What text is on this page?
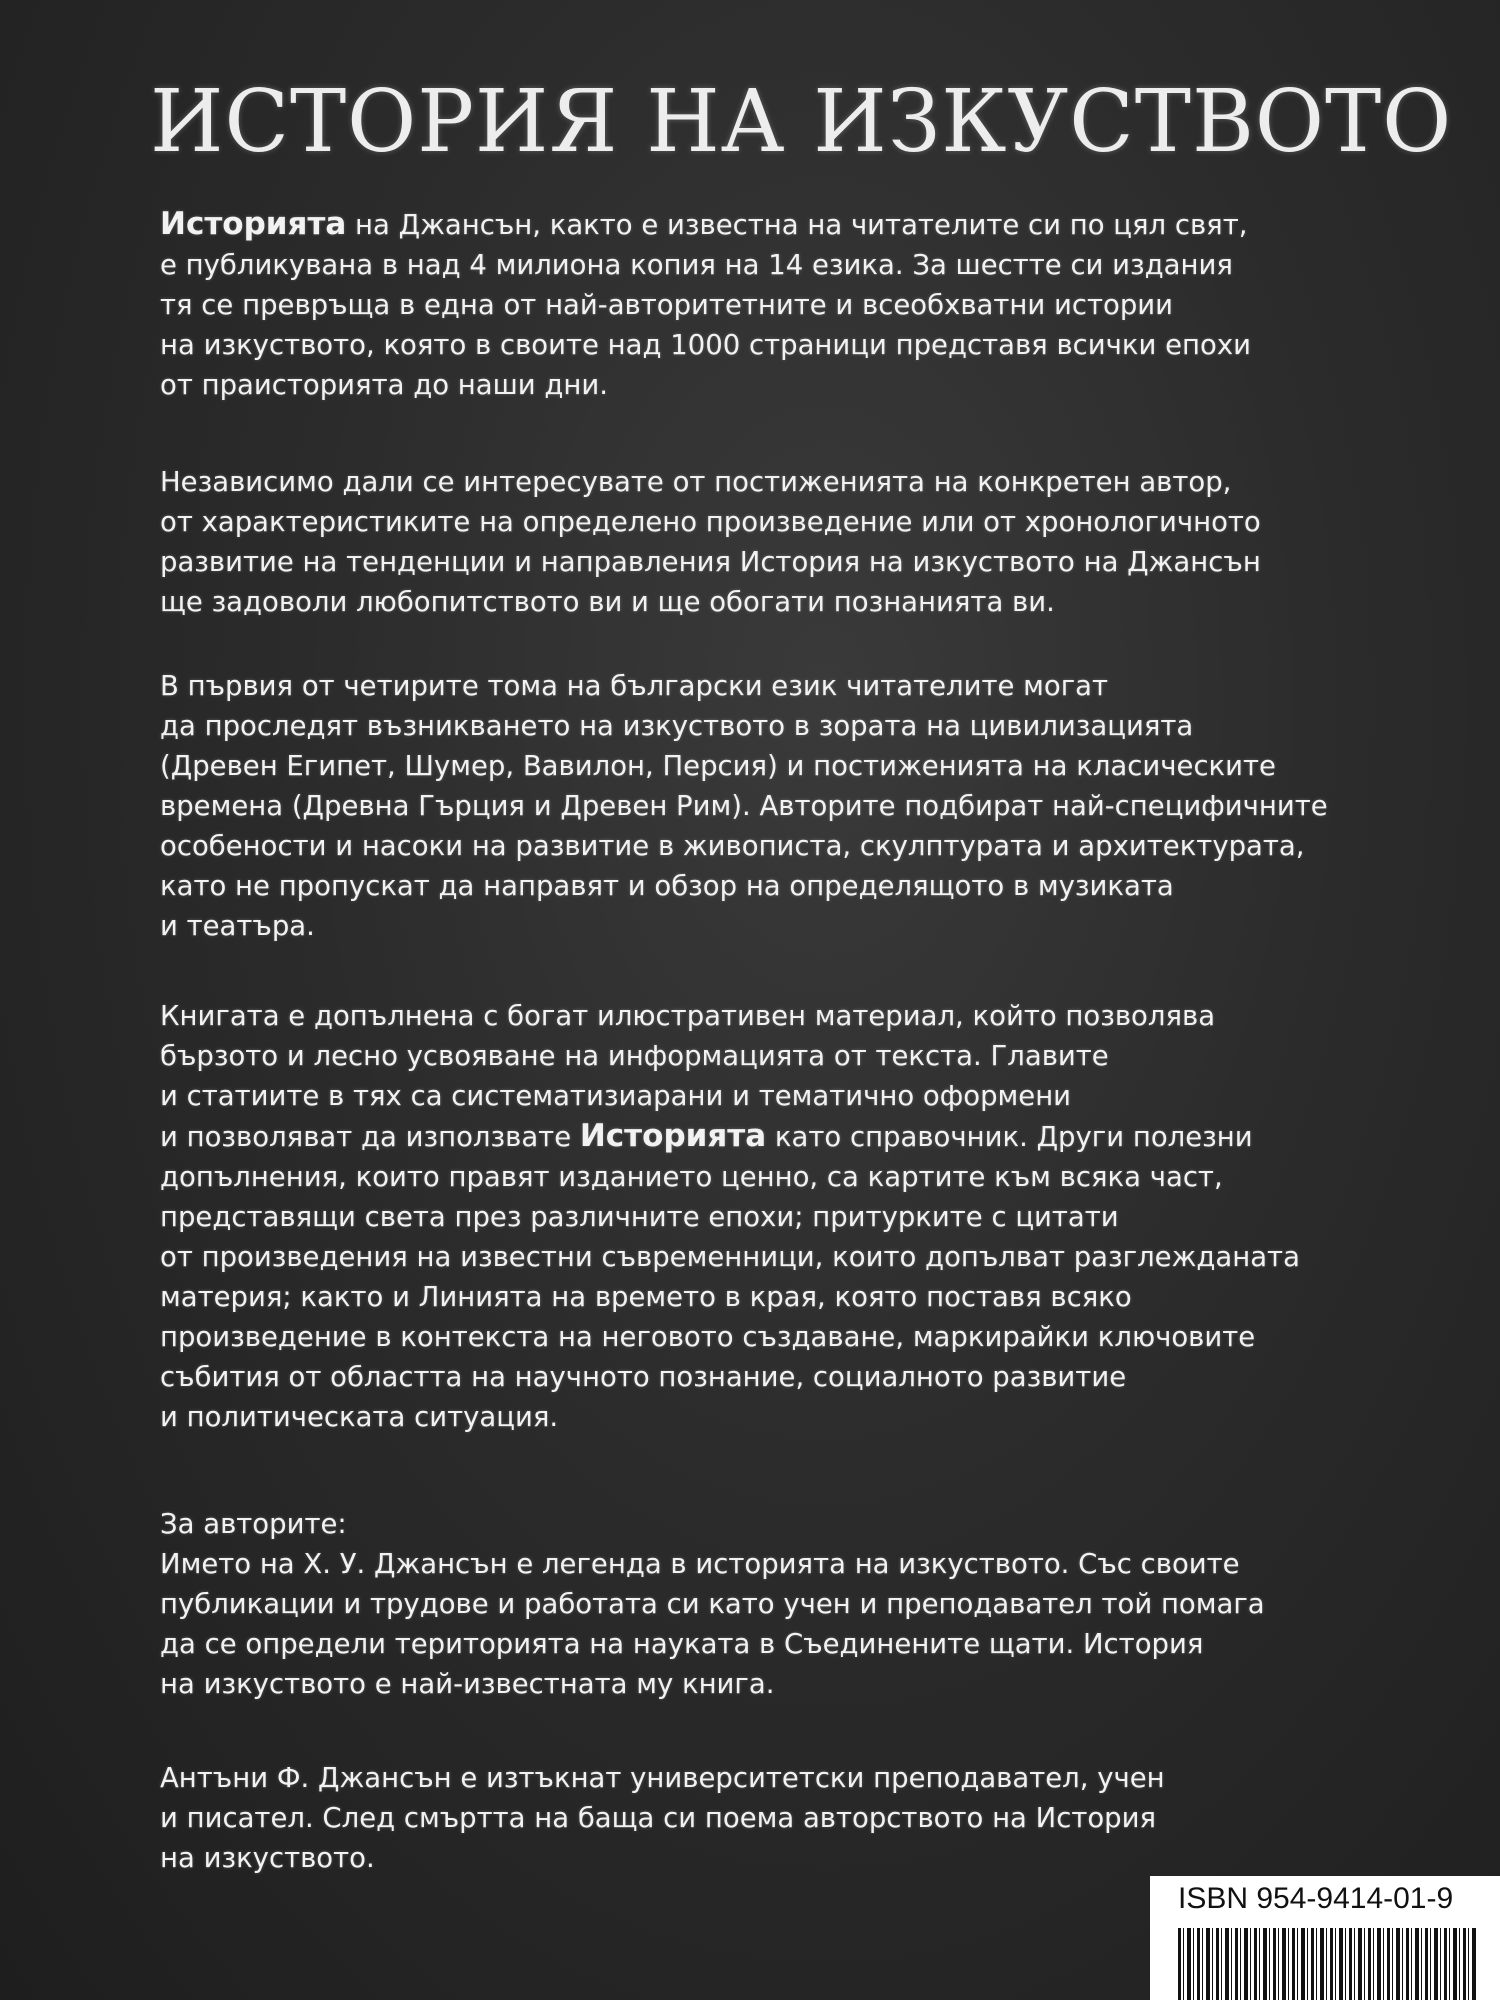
ИСТОРИЯ НА ИЗКУСТВОТО
Историята на Джансън, както е известна на читателите си по цял свят,
е публикувана в над 4 милиона копия на 14 езика. За шестте си издания
тя се превръща в една от най-авторитетните и всеобхватни истории
на изкуството, която в своите над 1000 страници представя всички епохи
от праисторията до наши дни.
Независимо дали се интересувате от постиженията на конкретен автор,
от характеристиките на определено произведение или от хронологичното
развитие на тенденции и направления История на изкуството на Джансън
ще задоволи любопитството ви и ще обогати познанията ви.
В първия от четирите тома на български език читателите могат
да проследят възникването на изкуството в зората на цивилизацията
(Древен Египет, Шумер, Вавилон, Персия) и постиженията на класическите
времена (Древна Гърция и Древен Рим). Авторите подбират най-специфичните
особености и насоки на развитие в живописта, скулптурата и архитектурата,
като не пропускат да направят и обзор на определящото в музиката
и театъра.
Книгата е допълнена с богат илюстративен материал, който позволява
бързото и лесно усвояване на информацията от текста. Главите
и статиите в тях са систематизиарани и тематично оформени
и позволяват да използвате Историята като справочник. Други полезни
допълнения, които правят изданието ценно, са картите към всяка част,
представящи света през различните епохи; притурките с цитати
от произведения на известни съвременници, които допълват разглежданата
материя; както и Линията на времето в края, която поставя всяко
произведение в контекста на неговото създаване, маркирайки ключовите
събития от областта на научното познание, социалното развитие
и политическата ситуация.
За авторите:
Името на Х. У. Джансън е легенда в историята на изкуството. Със своите
публикации и трудове и работата си като учен и преподавател той помага
да се определи територията на науката в Съединените щати. История
на изкуството е най-известната му книга.
Антъни Ф. Джансън е изтъкнат университетски преподавател, учен
и писател. След смъртта на баща си поема авторството на История
на изкуството.
ISBN 954-9414-01-9
